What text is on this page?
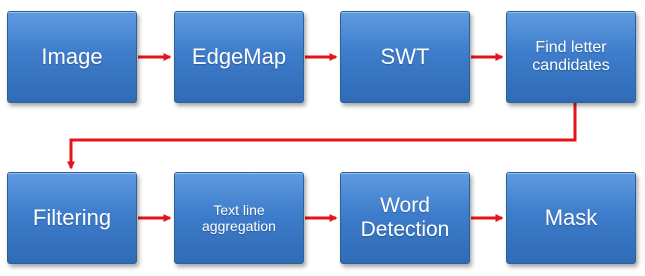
Image	EdgeMap	SWT	Find letter
candidates
Filtering	Text line
aggregation
Word
Detection	Mask
